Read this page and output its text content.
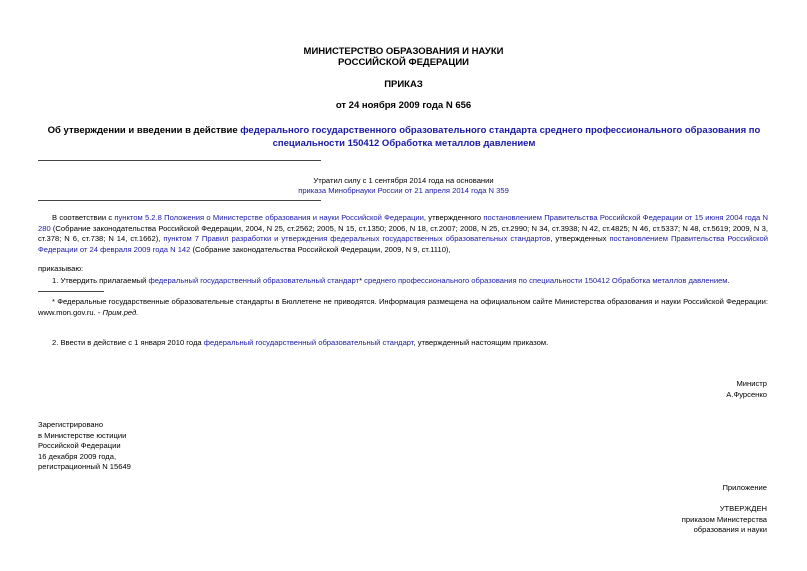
МИНИСТЕРСТВО ОБРАЗОВАНИЯ И НАУКИ
РОССИЙСКОЙ ФЕДЕРАЦИИ
ПРИКАЗ
от 24 ноября 2009 года N 656
Об утверждении и введении в действие федерального государственного образовательного стандарта среднего профессионального образования по специальности 150412 Обработка металлов давлением
Утратил силу с 1 сентября 2014 года на основании
приказа Минобрнауки России от 21 апреля 2014 года N 359
В соответствии с пунктом 5.2.8 Положения о Министерстве образования и науки Российской Федерации, утвержденного постановлением Правительства Российской Федерации от 15 июня 2004 года N 280 (Собрание законодательства Российской Федерации, 2004, N 25, ст.2562; 2005, N 15, ст.1350; 2006, N 18, ст.2007; 2008, N 25, ст.2990; N 34, ст.3938; N 42, ст.4825; N 46, ст.5337; N 48, ст.5619; 2009, N 3, ст.378; N 6, ст.738; N 14, ст.1662), пунктом 7 Правил разработки и утверждения федеральных государственных образовательных стандартов, утвержденных постановлением Правительства Российской Федерации от 24 февраля 2009 года N 142 (Собрание законодательства Российской Федерации, 2009, N 9, ст.1110),
приказываю:
1. Утвердить прилагаемый федеральный государственный образовательный стандарт* среднего профессионального образования по специальности 150412 Обработка металлов давлением.
* Федеральные государственные образовательные стандарты в Бюллетене не приводятся. Информация размещена на официальном сайте Министерства образования и науки Российской Федерации: www.mon.gov.ru. - Прим.ред.
2. Ввести в действие с 1 января 2010 года федеральный государственный образовательный стандарт, утвержденный настоящим приказом.
Министр
А.Фурсенко
Зарегистрировано
в Министерстве юстиции
Российской Федерации
16 декабря 2009 года,
регистрационный N 15649
Приложение
УТВЕРЖДЕН
приказом Министерства
образования и науки
